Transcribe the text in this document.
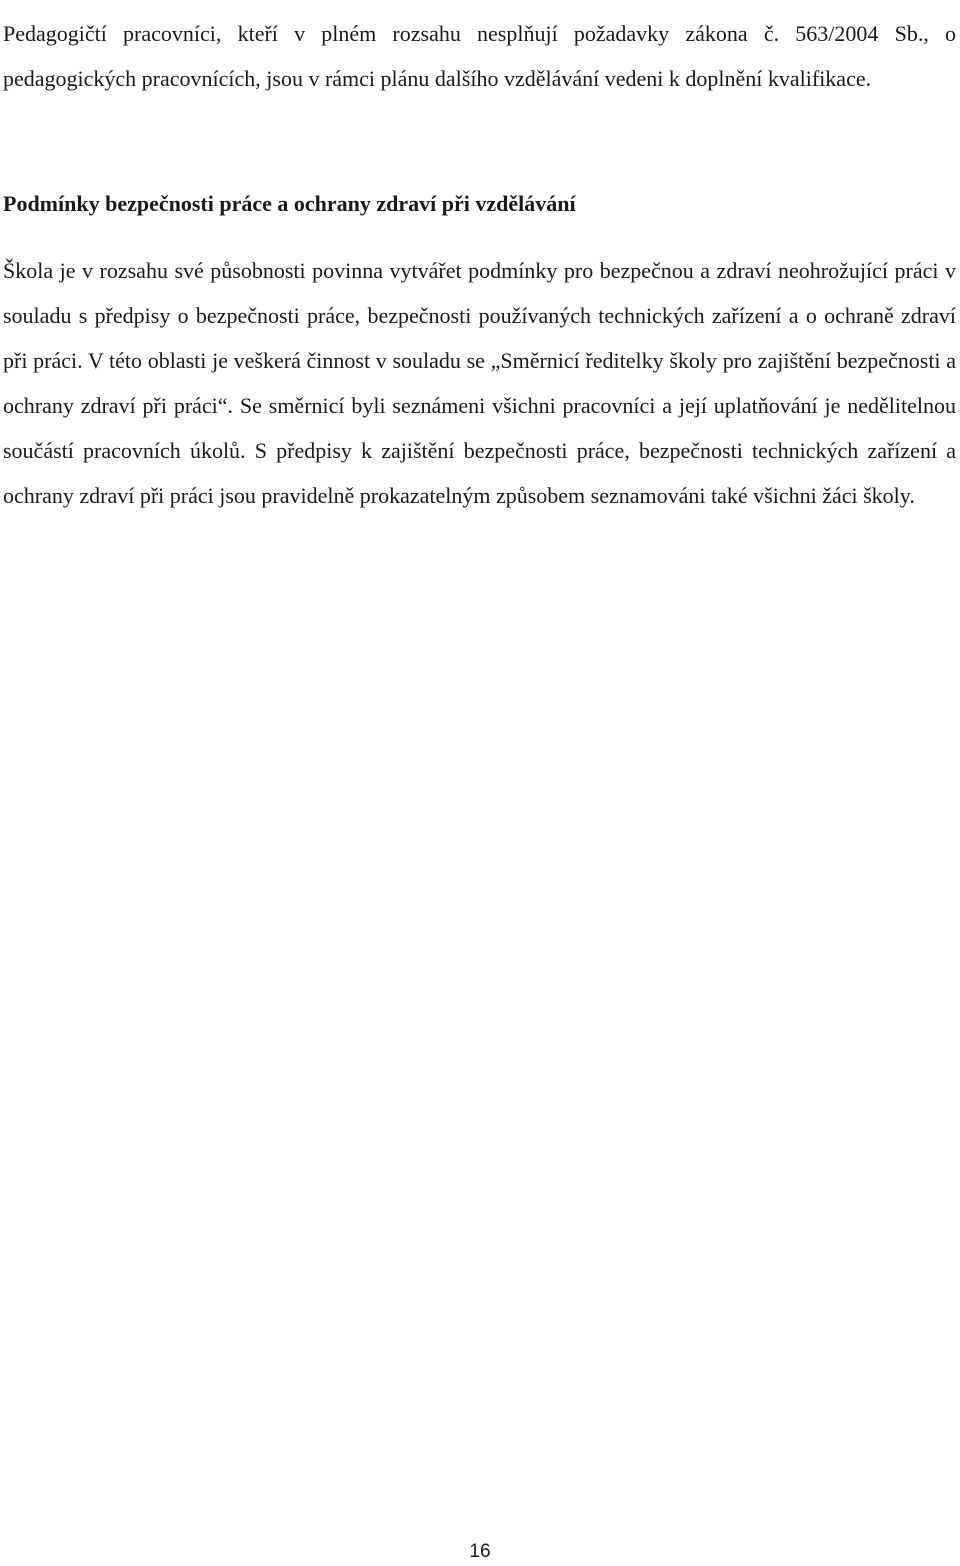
Pedagogičtí pracovníci, kteří v plném rozsahu nesplňují požadavky zákona č. 563/2004 Sb., o pedagogických pracovnících, jsou v rámci plánu dalšího vzdělávání vedeni k doplnění kvalifikace.

Podmínky bezpečnosti práce a ochrany zdraví při vzdělávání

Škola je v rozsahu své působnosti povinna vytvářet podmínky pro bezpečnou a zdraví neohrožující práci v souladu s předpisy o bezpečnosti práce, bezpečnosti používaných technických zařízení a o ochraně zdraví při práci. V této oblasti je veškerá činnost v souladu se „Směrnicí ředitelky školy pro zajištění bezpečnosti a ochrany zdraví při práci“. Se směrnicí byli seznámeni všichni pracovníci a její uplatňování je nedělitelnou součástí pracovních úkolů. S předpisy k zajištění bezpečnosti práce, bezpečnosti technických zařízení a ochrany zdraví při práci jsou pravidelně prokazatelným způsobem seznamováni také všichni žáci školy.

16
